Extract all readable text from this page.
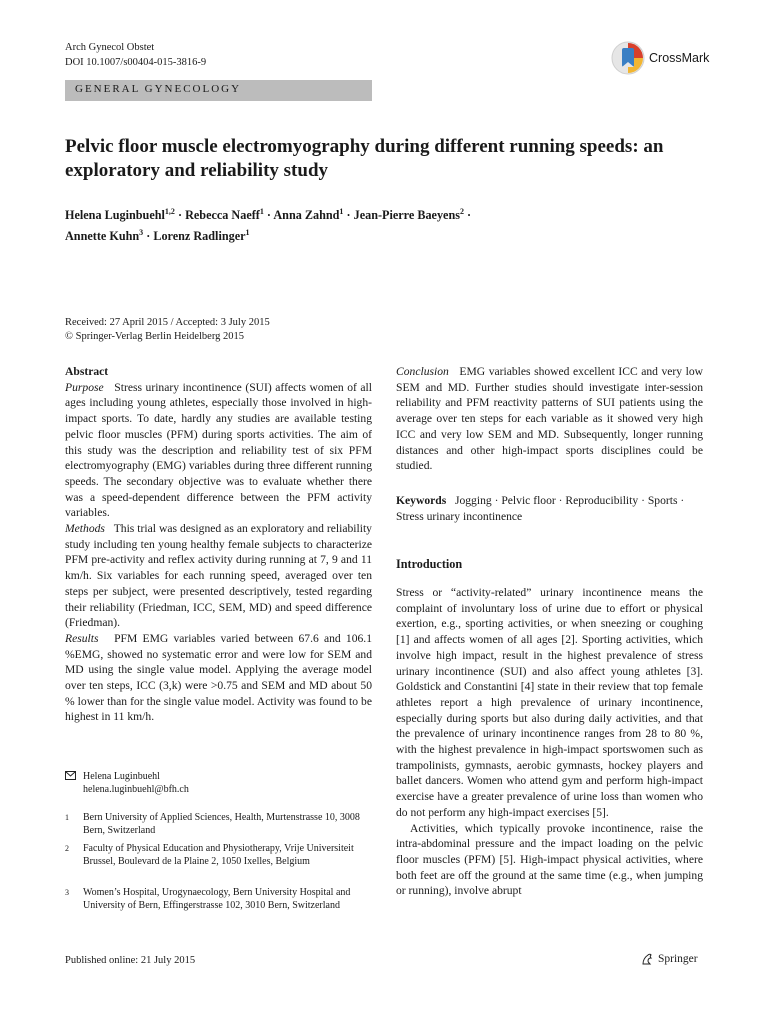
Arch Gynecol Obstet
DOI 10.1007/s00404-015-3816-9	CrossMark
GENERAL GYNECOLOGY
Pelvic floor muscle electromyography during different running speeds: an exploratory and reliability study
Helena Luginbuehl$^{1,2}$ · Rebecca Naeff$^1$ · Anna Zahnd$^1$ · Jean-Pierre Baeyens$^2$ ·
Annette Kuhn$^3$ · Lorenz Radlinger$^1$
Received: 27 April 2015 / Accepted: 3 July 2015
© Springer-Verlag Berlin Heidelberg 2015
Abstract

Purpose Stress urinary incontinence (SUI) affects women of all ages including young athletes, especially those involved in high-impact sports. To date, hardly any studies are available testing pelvic floor muscles (PFM) during sports activities. The aim of this study was the description and reliability test of six PFM electromyography (EMG) variables during three different running speeds. The secondary objective was to evaluate whether there was a speed-dependent difference between the PFM activity variables.

Methods This trial was designed as an exploratory and reliability study including ten young healthy female subjects to characterize PFM pre-activity and reflex activity during running at 7, 9 and 11 km/h. Six variables for each running speed, averaged over ten steps per subject, were presented descriptively, tested regarding their reliability (Friedman, ICC, SEM, MD) and speed difference (Friedman).

Results PFM EMG variables varied between 67.6 and 106.1 %EMG, showed no systematic error and were low for SEM and MD using the single value model. Applying the average model over ten steps, ICC (3,k) were >0.75 and SEM and MD about 50 % lower than for the single value model. Activity was found to be highest in 11 km/h.

Helena Luginbuehl
helena.luginbuehl@bfh.ch
1 Bern University of Applied Sciences, Health, Murtenstrasse 10, 3008 Bern, Switzerland
2 Faculty of Physical Education and Physiotherapy, Vrije Universiteit Brussel, Boulevard de la Plaine 2, 1050 Ixelles, Belgium
3 Women’s Hospital, Urogynaecology, Bern University Hospital and University of Bern, Effingerstrasse 102, 3010 Bern, Switzerland

Conclusion EMG variables showed excellent ICC and very low SEM and MD. Further studies should investigate inter-session reliability and PFM reactivity patterns of SUI patients using the average over ten steps for each variable as it showed very high ICC and very low SEM and MD. Subsequently, longer running distances and other high-impact sports disciplines could be studied.

Keywords Jogging · Pelvic floor · Reproducibility · Sports · Stress urinary incontinence
Introduction

Stress or “activity-related” urinary incontinence means the complaint of involuntary loss of urine due to effort or physical exertion, e.g., sporting activities, or when sneezing or coughing [1] and affects women of all ages [2]. Sporting activities, which involve high impact, result in the highest prevalence of stress urinary incontinence (SUI) and also affect young athletes [3]. Goldstick and Constantini [4] state in their review that top female athletes report a high prevalence of urinary incontinence, especially during sports but also during daily activities, and that the prevalence of urinary incontinence ranges from 28 to 80 %, with the highest prevalence in high-impact sportswomen such as trampolinists, gymnasts, aerobic gymnasts, hockey players and ballet dancers. Women who attend gym and perform high-impact exercise have a greater prevalence of urine loss than women who do not perform any high-impact exercises [5].

Activities, which typically provoke incontinence, raise the intra-abdominal pressure and the impact loading on the pelvic floor muscles (PFM) [5]. High-impact physical activities, where both feet are off the ground at the same time (e.g., when jumping or running), involve abrupt

Published online: 21 July 2015	Springer
